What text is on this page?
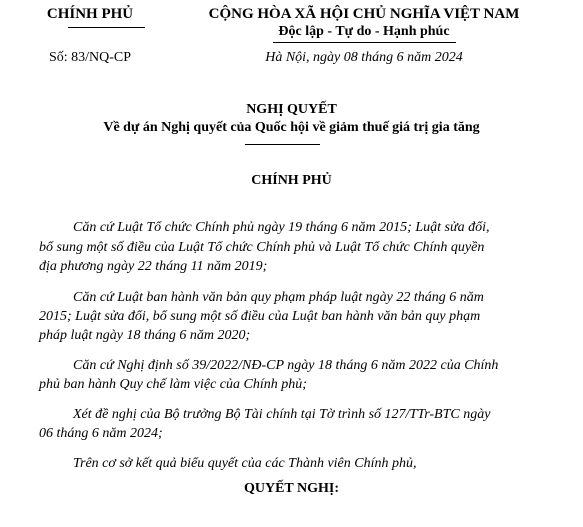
CHÍNH PHỦ	CỘNG HÒA XÃ HỘI CHỦ NGHĨA VIỆT NAM
Độc lập - Tự do - Hạnh phúc
Số: 83/NQ-CP	Hà Nội, ngày 08 tháng 6 năm 2024
NGHỊ QUYẾT
Về dự án Nghị quyết của Quốc hội về giảm thuế giá trị gia tăng
CHÍNH PHỦ
Căn cứ Luật Tổ chức Chính phủ ngày 19 tháng 6 năm 2015; Luật sửa đổi,
bổ sung một số điều của Luật Tổ chức Chính phủ và Luật Tổ chức Chính quyền
địa phương ngày 22 tháng 11 năm 2019;
Căn cứ Luật ban hành văn bản quy phạm pháp luật ngày 22 tháng 6 năm
2015; Luật sửa đổi, bổ sung một số điều của Luật ban hành văn bản quy phạm
pháp luật ngày 18 tháng 6 năm 2020;
Căn cứ Nghị định số 39/2022/NĐ-CP ngày 18 tháng 6 năm 2022 của Chính
phủ ban hành Quy chế làm việc của Chính phủ;
Xét đề nghị của Bộ trưởng Bộ Tài chính tại Tờ trình số 127/TTr-BTC ngày
06 tháng 6 năm 2024;
Trên cơ sở kết quả biểu quyết của các Thành viên Chính phủ,
QUYẾT NGHỊ:
